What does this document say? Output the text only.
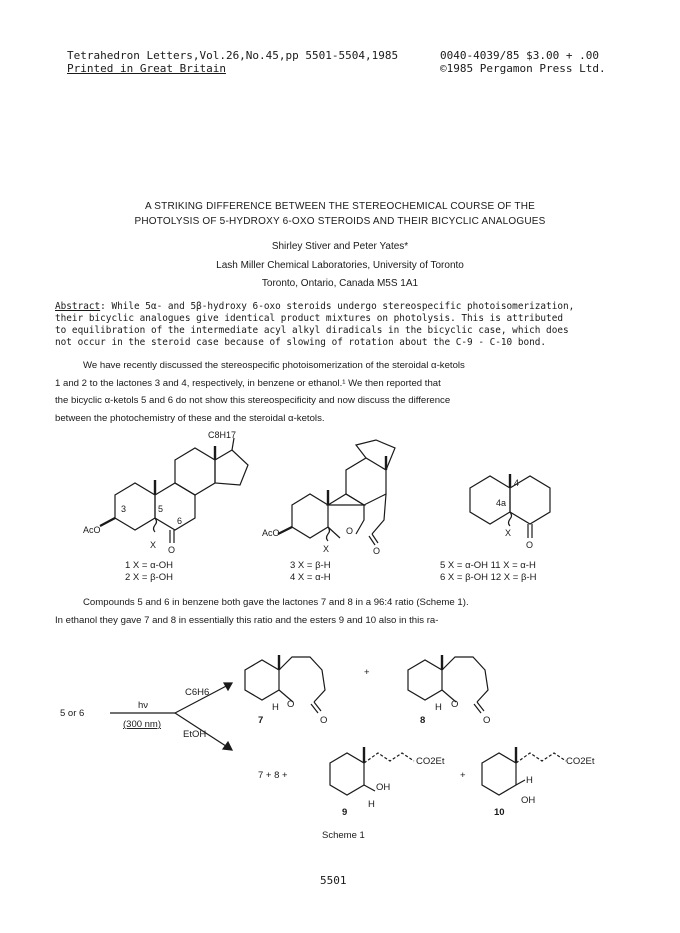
Tetrahedron Letters,Vol.26,No.45,pp 5501-5504,1985
Printed in Great Britain
0040-4039/85 $3.00 + .00
©1985 Pergamon Press Ltd.
A STRIKING DIFFERENCE BETWEEN THE STEREOCHEMICAL COURSE OF THE
PHOTOLYSIS OF 5-HYDROXY 6-OXO STEROIDS AND THEIR BICYCLIC ANALOGUES
Shirley Stiver and Peter Yates*
Lash Miller Chemical Laboratories, University of Toronto
Toronto, Ontario, Canada M5S 1A1
Abstract: While 5α- and 5β-hydroxy 6-oxo steroids undergo stereospecific photoisomerization,
their bicyclic analogues give identical product mixtures on photolysis. This is attributed
to equilibration of the intermediate acyl alkyl diradicals in the bicyclic case, which does
not occur in the steroid case because of slowing of rotation about the C-9 - C-10 bond.
We have recently discussed the stereospecific photoisomerization of the steroidal α-ketols
1 and 2 to the lactones 3 and 4, respectively, in benzene or ethanol.¹ We then reported that
the bicyclic α-ketols 5 and 6 do not show this stereospecificity and now discuss the difference
between the photochemistry of these and the steroidal α-ketols.
C8H17
AcO
3	5
6
X O
AcO	O
X	O
4
4a
X
O
1 X = α-OH
2 X = β-OH
3 X = β-H
4 X = α-H
5 X = α-OH 11 X = α-H
6 X = β-OH 12 X = β-H
Compounds 5 and 6 in benzene both gave the lactones 7 and 8 in a 96:4 ratio (Scheme 1).
In ethanol they gave 7 and 8 in essentially this ratio and the esters 9 and 10 also in this ra-
5 or 6
hν
(300 nm)
C6H6
EtOH
+
H O
O
H O
O
7	8
7 + 8 +
CO2Et
OH
H
+
CO2Et
H
OH
9	10
Scheme 1
5501
